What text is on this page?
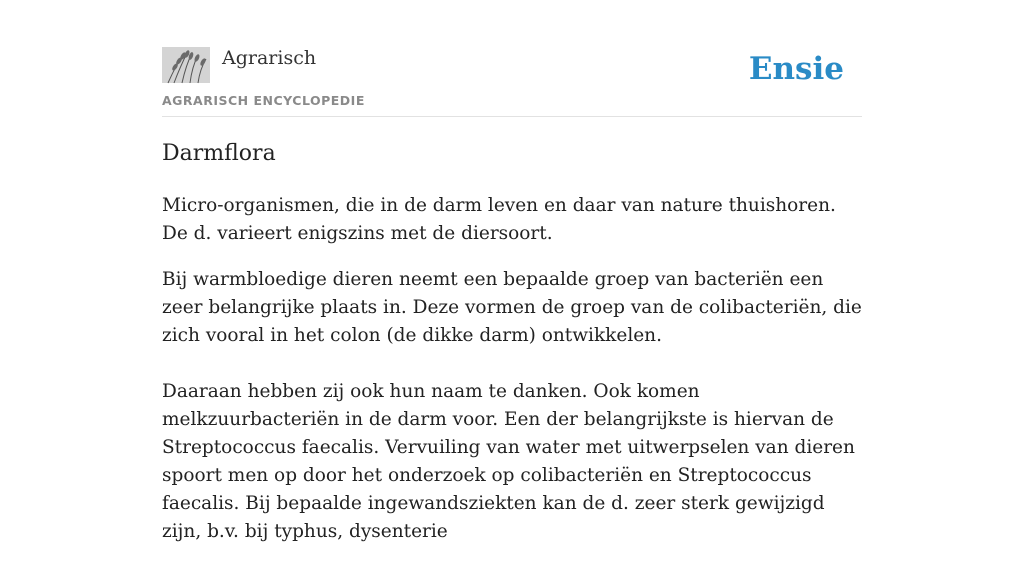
Agrarisch
AGRARISCH ENCYCLOPEDIE
Ensie
Darmflora

Micro-organismen, die in de darm leven en daar van nature thuishoren. De d. varieert enigszins met de diersoort.

Bij warmbloedige dieren neemt een bepaalde groep van bacteriën een zeer belangrijke plaats in. Deze vormen de groep van de colibacteriën, die zich vooral in het colon (de dikke darm) ontwikkelen.

Daaraan hebben zij ook hun naam te danken. Ook komen melkzuurbacteriën in de darm voor. Een der belangrijkste is hiervan de Streptococcus faecalis. Vervuiling van water met uitwerpselen van dieren spoort men op door het onderzoek op colibacteriën en Streptococcus faecalis. Bij bepaalde ingewandsziekten kan de d. zeer sterk gewijzigd zijn, b.v. bij typhus, dysenterie
